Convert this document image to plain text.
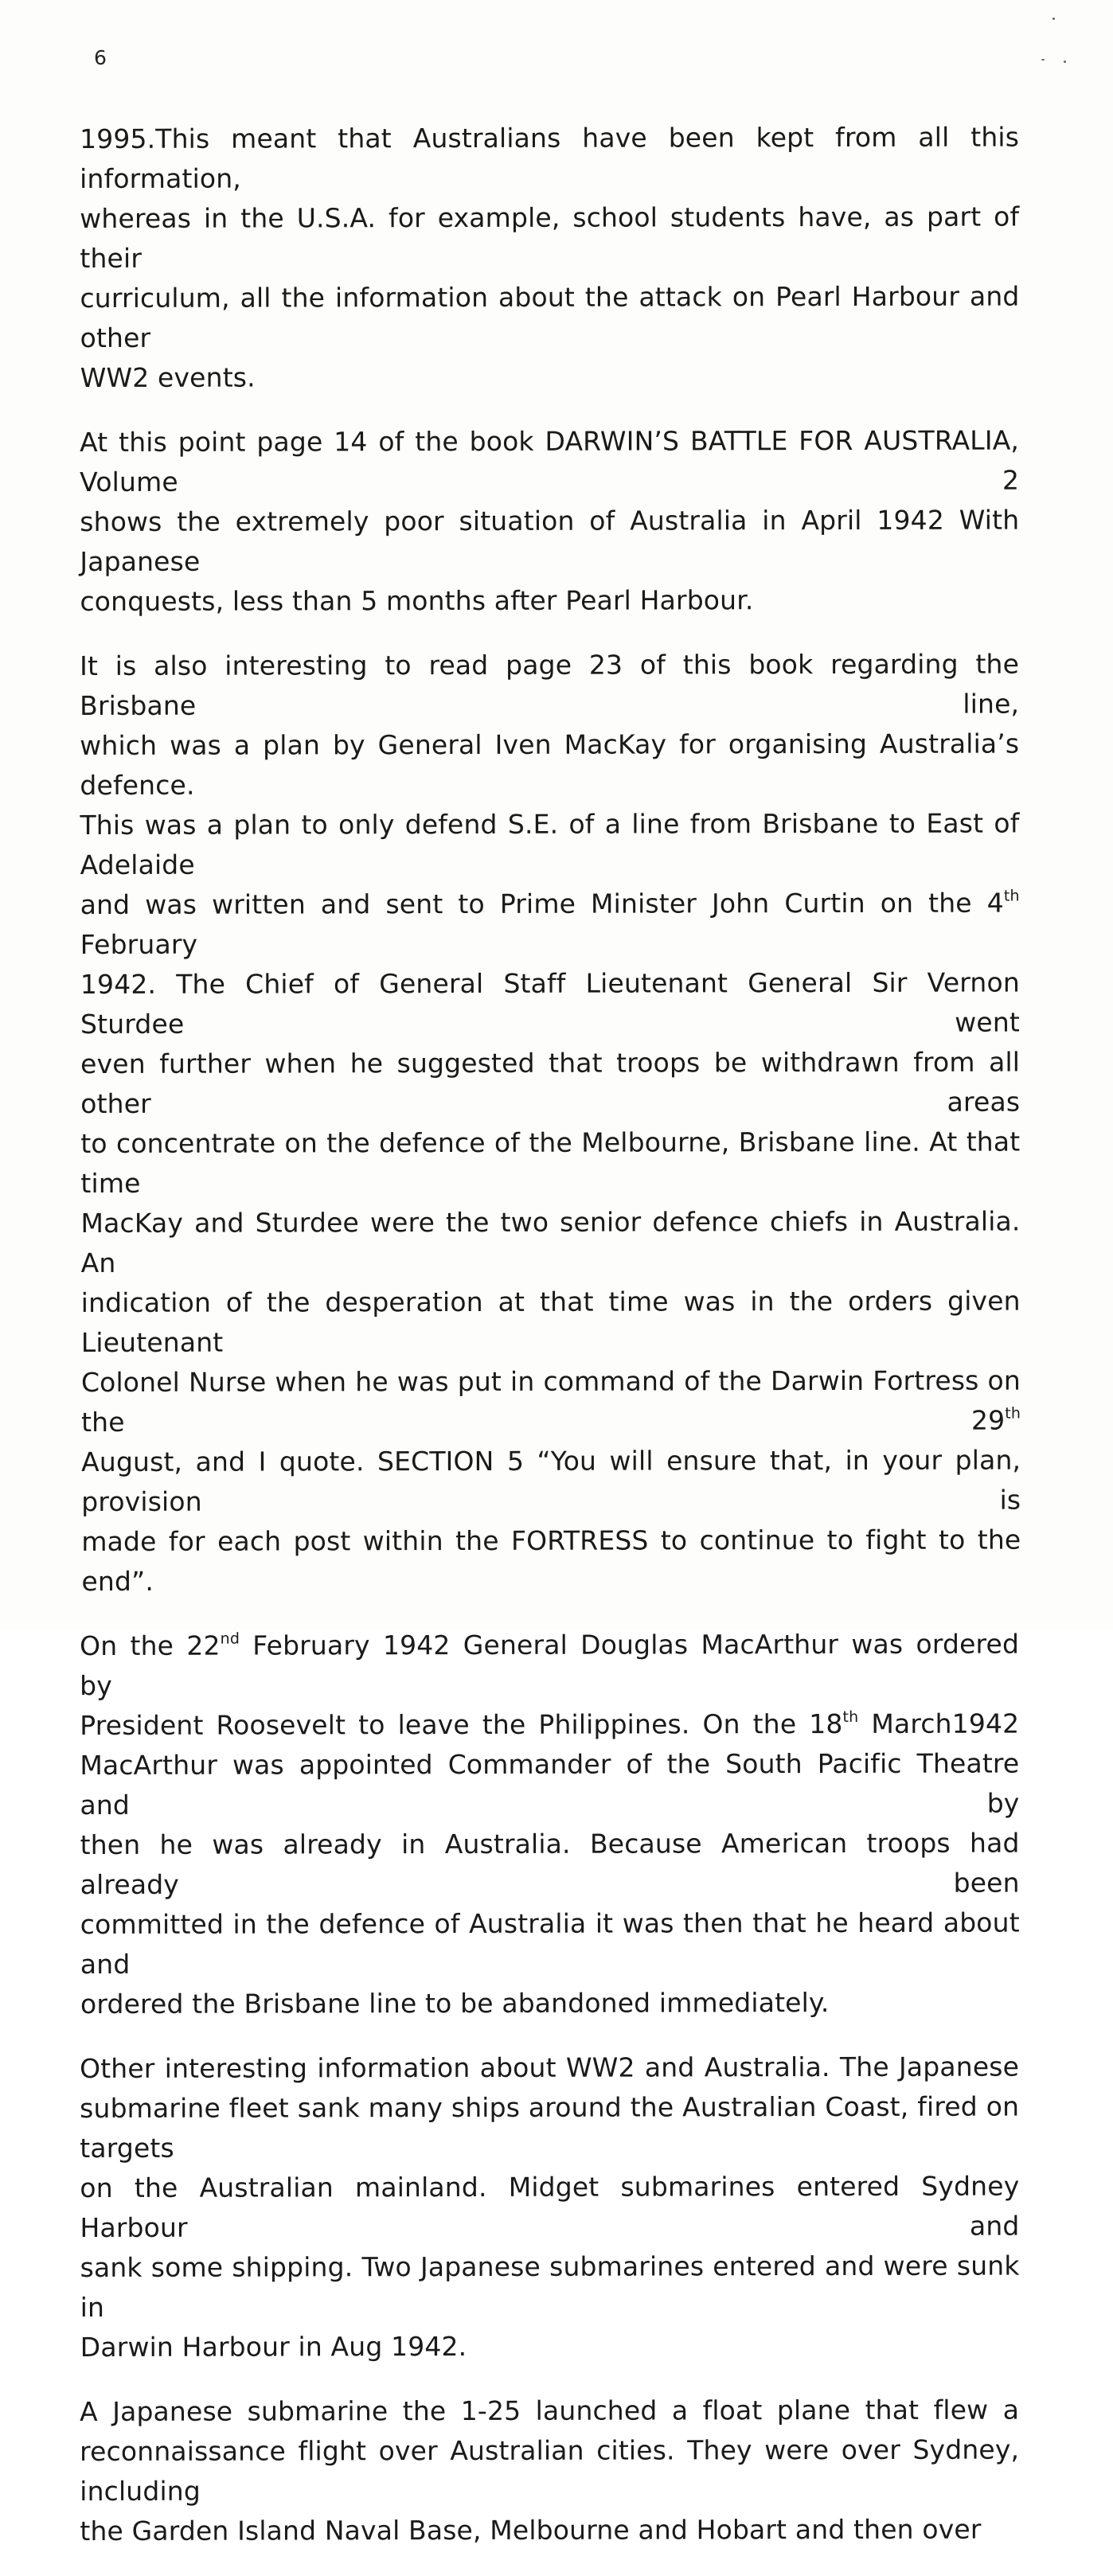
6

1995.This meant that Australians have been kept from all this information,
whereas in the U.S.A. for example, school students have, as part of their
curriculum, all the information about the attack on Pearl Harbour and other
WW2 events.

At this point page 14 of the book DARWIN’S BATTLE FOR AUSTRALIA, Volume 2
shows the extremely poor situation of Australia in April 1942 With Japanese
conquests, less than 5 months after Pearl Harbour.

It is also interesting to read page 23 of this book regarding the Brisbane line,
which was a plan by General Iven MacKay for organising Australia’s defence.
This was a plan to only defend S.E. of a line from Brisbane to East of Adelaide
and was written and sent to Prime Minister John Curtin on the 4th February
1942. The Chief of General Staff Lieutenant General Sir Vernon Sturdee went
even further when he suggested that troops be withdrawn from all other areas
to concentrate on the defence of the Melbourne, Brisbane line. At that time
MacKay and Sturdee were the two senior defence chiefs in Australia. An
indication of the desperation at that time was in the orders given Lieutenant
Colonel Nurse when he was put in command of the Darwin Fortress on the 29th
August, and I quote. SECTION 5 “You will ensure that, in your plan, provision is
made for each post within the FORTRESS to continue to fight to the end”.

On the 22nd February 1942 General Douglas MacArthur was ordered by
President Roosevelt to leave the Philippines. On the 18th March1942
MacArthur was appointed Commander of the South Pacific Theatre and by
then he was already in Australia. Because American troops had already been
committed in the defence of Australia it was then that he heard about and
ordered the Brisbane line to be abandoned immediately.

Other interesting information about WW2 and Australia. The Japanese
submarine fleet sank many ships around the Australian Coast, fired on targets
on the Australian mainland. Midget submarines entered Sydney Harbour and
sank some shipping. Two Japanese submarines entered and were sunk in
Darwin Harbour in Aug 1942.

A Japanese submarine the 1-25 launched a float plane that flew a
reconnaissance flight over Australian cities. They were over Sydney, including
the Garden Island Naval Base, Melbourne and Hobart and then over
